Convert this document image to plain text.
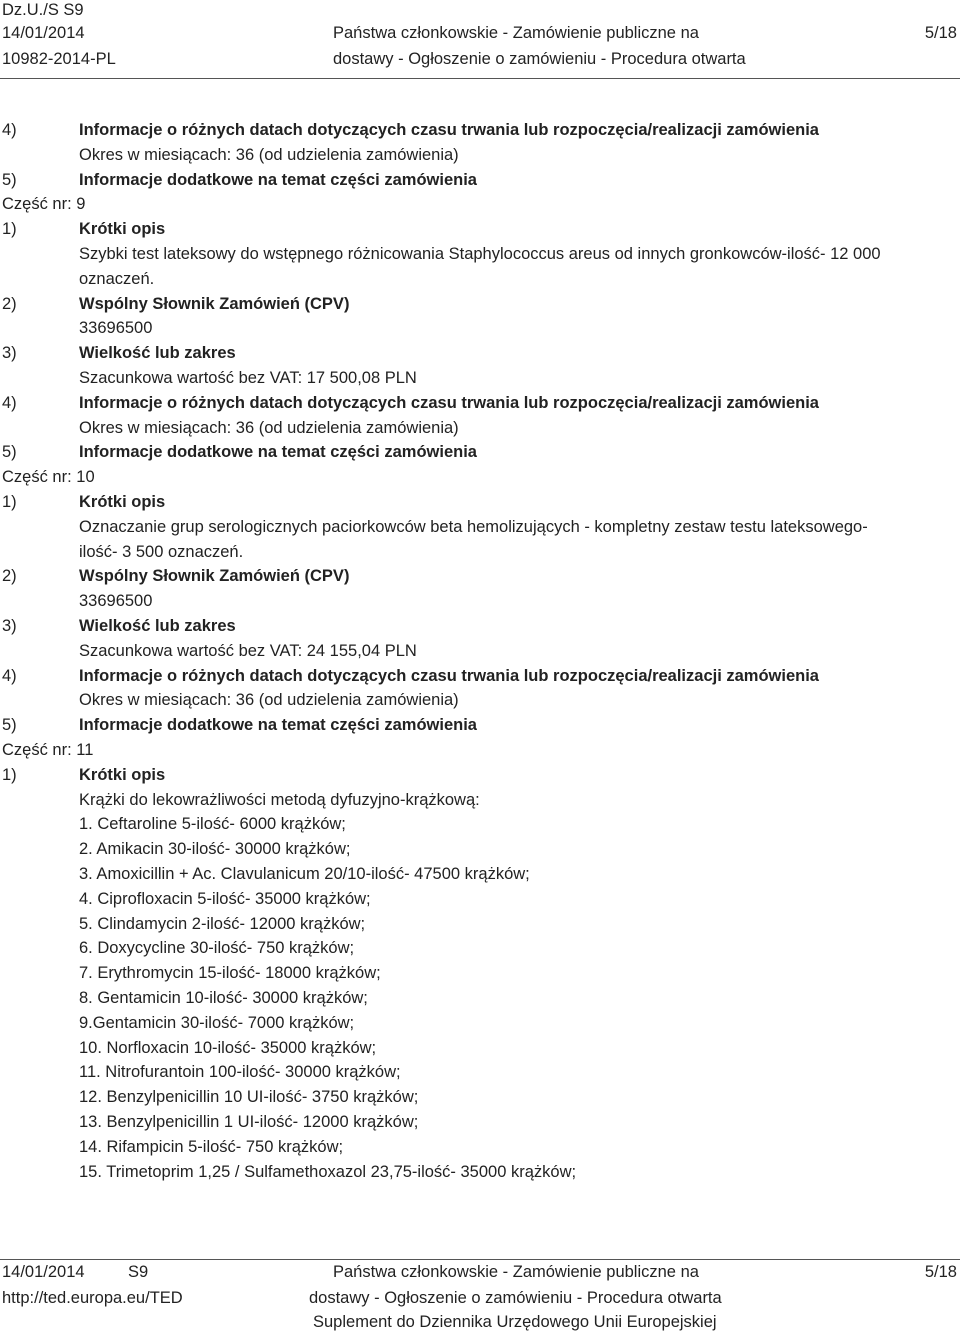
Dz.U./S S9
14/01/2014
10982-2014-PL
Państwa członkowskie - Zamówienie publiczne na
dostawy - Ogłoszenie o zamówieniu - Procedura otwarta
5/18
4)	Informacje o różnych datach dotyczących czasu trwania lub rozpoczęcia/realizacji zamówienia
Okres w miesiącach: 36 (od udzielenia zamówienia)
5)	Informacje dodatkowe na temat części zamówienia
Część nr: 9
1)	Krótki opis
Szybki test lateksowy do wstępnego różnicowania Staphylococcus areus od innych gronkowców-ilość- 12 000
oznaczeń.
2)	Wspólny Słownik Zamówień (CPV)
33696500
3)	Wielkość lub zakres
Szacunkowa wartość bez VAT: 17 500,08 PLN
4)	Informacje o różnych datach dotyczących czasu trwania lub rozpoczęcia/realizacji zamówienia
Okres w miesiącach: 36 (od udzielenia zamówienia)
5)	Informacje dodatkowe na temat części zamówienia
Część nr: 10
1)	Krótki opis
Oznaczanie grup serologicznych paciorkowców beta hemolizujących - kompletny zestaw testu lateksowego-
ilość- 3 500 oznaczeń.
2)	Wspólny Słownik Zamówień (CPV)
33696500
3)	Wielkość lub zakres
Szacunkowa wartość bez VAT: 24 155,04 PLN
4)	Informacje o różnych datach dotyczących czasu trwania lub rozpoczęcia/realizacji zamówienia
Okres w miesiącach: 36 (od udzielenia zamówienia)
5)	Informacje dodatkowe na temat części zamówienia
Część nr: 11
1)	Krótki opis
Krążki do lekowrażliwości metodą dyfuzyjno-krążkową:
1. Ceftaroline 5-ilość- 6000 krążków;
2. Amikacin 30-ilość- 30000 krążków;
3. Amoxicillin + Ac. Clavulanicum 20/10-ilość- 47500 krążków;
4. Ciprofloxacin 5-ilość- 35000 krążków;
5. Clindamycin 2-ilość- 12000 krążków;
6. Doxycycline 30-ilość- 750 krążków;
7. Erythromycin 15-ilość- 18000 krążków;
8. Gentamicin 10-ilość- 30000 krążków;
9.Gentamicin 30-ilość- 7000 krążków;
10. Norfloxacin 10-ilość- 35000 krążków;
11. Nitrofurantoin 100-ilość- 30000 krążków;
12. Benzylpenicillin 10 UI-ilość- 3750 krążków;
13. Benzylpenicillin 1 UI-ilość- 12000 krążków;
14. Rifampicin 5-ilość- 750 krążków;
15. Trimetoprim 1,25 / Sulfamethoxazol 23,75-ilość- 35000 krążków;
14/01/2014	S9
http://ted.europa.eu/TED
Państwa członkowskie - Zamówienie publiczne na
dostawy - Ogłoszenie o zamówieniu - Procedura otwarta
Suplement do Dziennika Urzędowego Unii Europejskiej
5/18
